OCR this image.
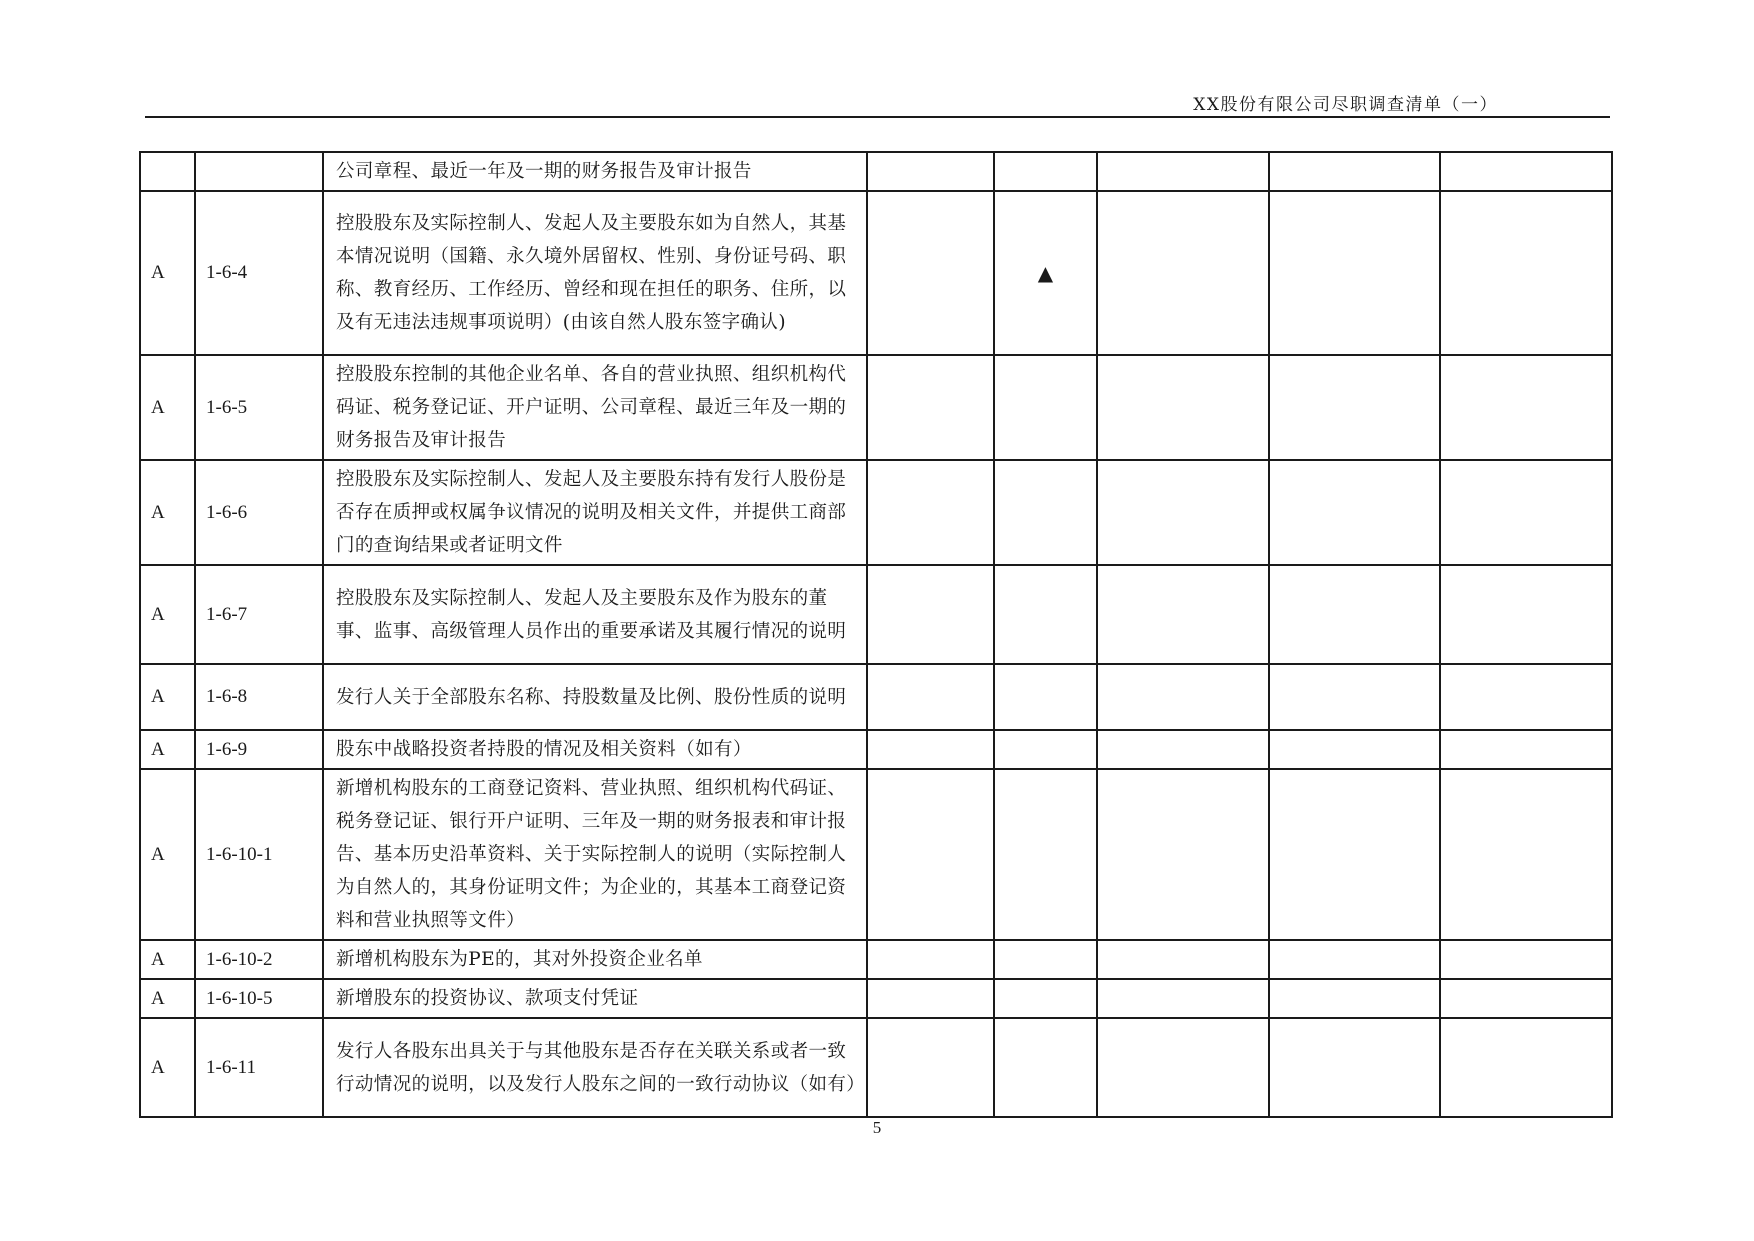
XX股份有限公司尽职调查清单（一）
		公司章程、最近一年及一期的财务报告及审计报告					
A	1-6-4	控股股东及实际控制人、发起人及主要股东如为自然人，其基本情况说明（国籍、永久境外居留权、性别、身份证号码、职称、教育经历、工作经历、曾经和现在担任的职务、住所，以及有无违法违规事项说明）(由该自然人股东签字确认)		▲			
A	1-6-5	控股股东控制的其他企业名单、各自的营业执照、组织机构代码证、税务登记证、开户证明、公司章程、最近三年及一期的财务报告及审计报告					
A	1-6-6	控股股东及实际控制人、发起人及主要股东持有发行人股份是否存在质押或权属争议情况的说明及相关文件，并提供工商部门的查询结果或者证明文件					
A	1-6-7	控股股东及实际控制人、发起人及主要股东及作为股东的董事、监事、高级管理人员作出的重要承诺及其履行情况的说明					
A	1-6-8	发行人关于全部股东名称、持股数量及比例、股份性质的说明					
A	1-6-9	股东中战略投资者持股的情况及相关资料（如有）					
A	1-6-10-1	新增机构股东的工商登记资料、营业执照、组织机构代码证、税务登记证、银行开户证明、三年及一期的财务报表和审计报告、基本历史沿革资料、关于实际控制人的说明（实际控制人为自然人的，其身份证明文件；为企业的，其基本工商登记资料和营业执照等文件）					
A	1-6-10-2	新增机构股东为PE的，其对外投资企业名单					
A	1-6-10-5	新增股东的投资协议、款项支付凭证					
A	1-6-11	发行人各股东出具关于与其他股东是否存在关联关系或者一致行动情况的说明，以及发行人股东之间的一致行动协议（如有）					
5
